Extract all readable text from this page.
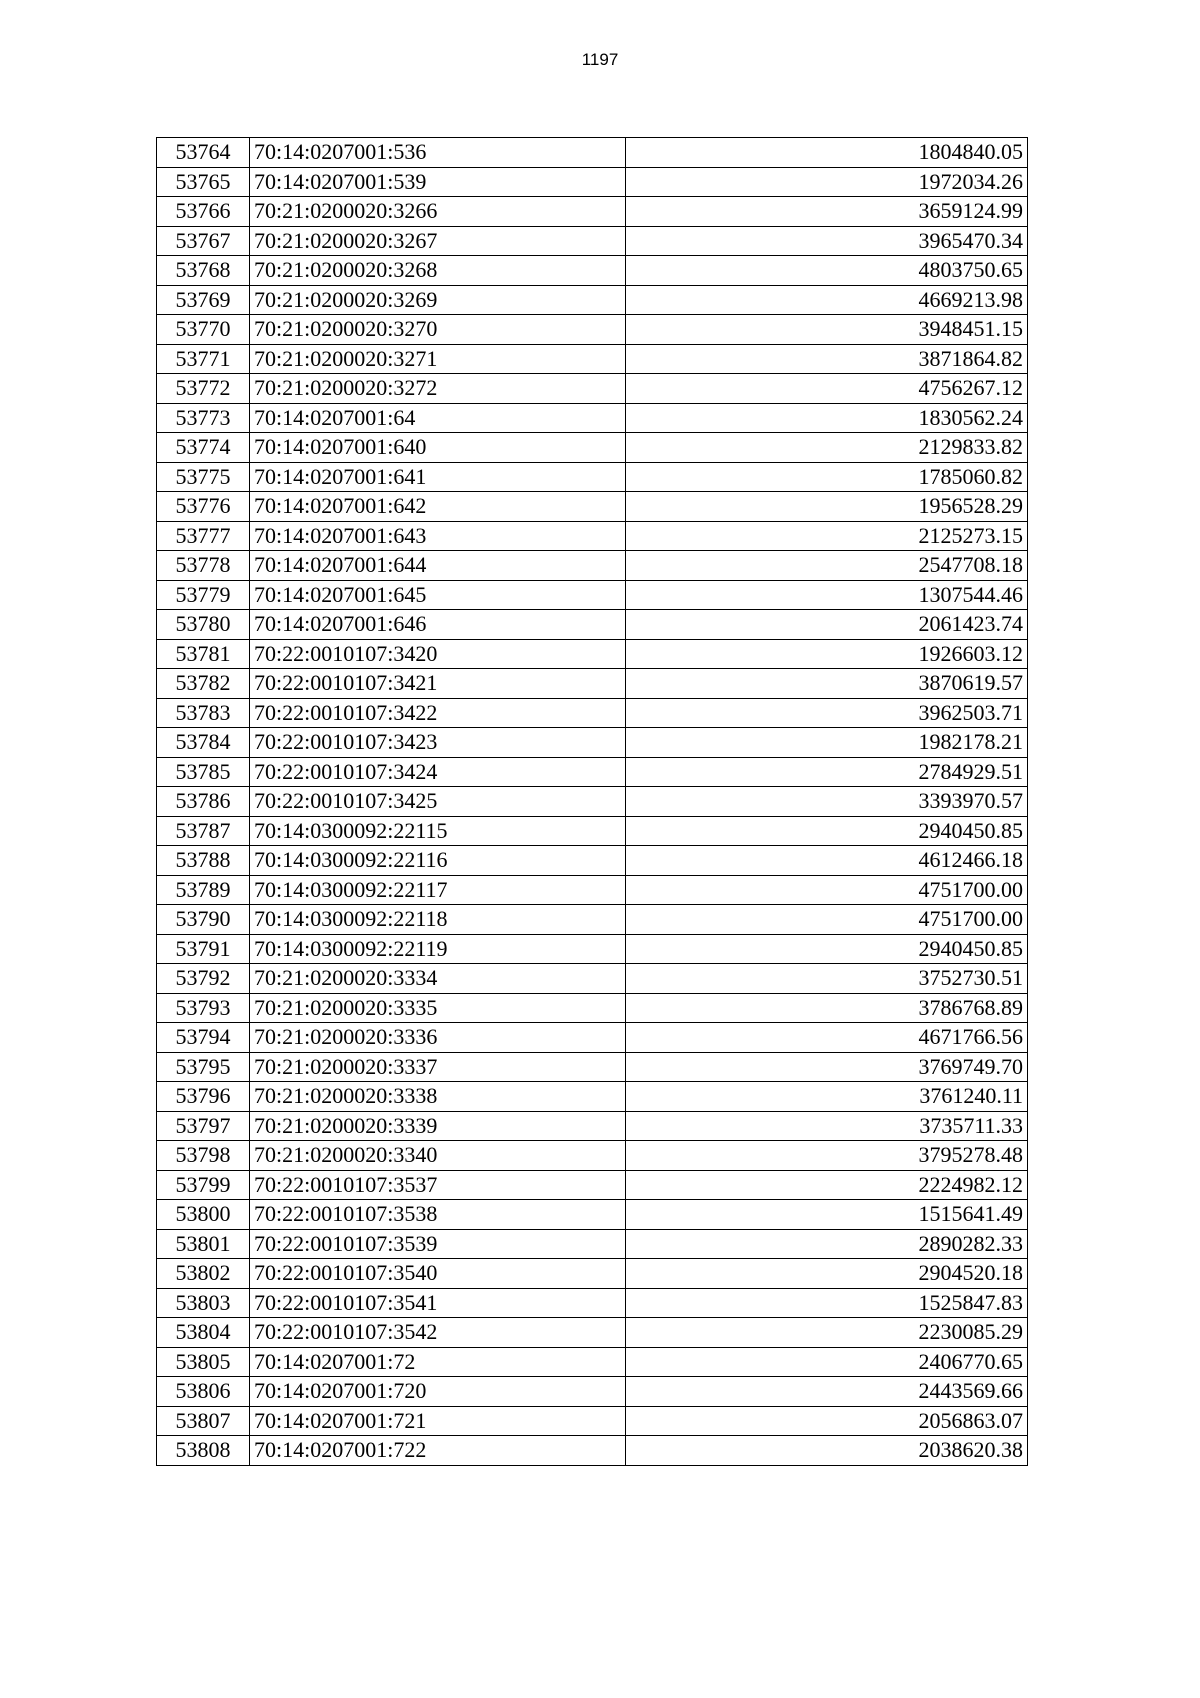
1197
53764	70:14:0207001:536	1804840.05
53765	70:14:0207001:539	1972034.26
53766	70:21:0200020:3266	3659124.99
53767	70:21:0200020:3267	3965470.34
53768	70:21:0200020:3268	4803750.65
53769	70:21:0200020:3269	4669213.98
53770	70:21:0200020:3270	3948451.15
53771	70:21:0200020:3271	3871864.82
53772	70:21:0200020:3272	4756267.12
53773	70:14:0207001:64	1830562.24
53774	70:14:0207001:640	2129833.82
53775	70:14:0207001:641	1785060.82
53776	70:14:0207001:642	1956528.29
53777	70:14:0207001:643	2125273.15
53778	70:14:0207001:644	2547708.18
53779	70:14:0207001:645	1307544.46
53780	70:14:0207001:646	2061423.74
53781	70:22:0010107:3420	1926603.12
53782	70:22:0010107:3421	3870619.57
53783	70:22:0010107:3422	3962503.71
53784	70:22:0010107:3423	1982178.21
53785	70:22:0010107:3424	2784929.51
53786	70:22:0010107:3425	3393970.57
53787	70:14:0300092:22115	2940450.85
53788	70:14:0300092:22116	4612466.18
53789	70:14:0300092:22117	4751700.00
53790	70:14:0300092:22118	4751700.00
53791	70:14:0300092:22119	2940450.85
53792	70:21:0200020:3334	3752730.51
53793	70:21:0200020:3335	3786768.89
53794	70:21:0200020:3336	4671766.56
53795	70:21:0200020:3337	3769749.70
53796	70:21:0200020:3338	3761240.11
53797	70:21:0200020:3339	3735711.33
53798	70:21:0200020:3340	3795278.48
53799	70:22:0010107:3537	2224982.12
53800	70:22:0010107:3538	1515641.49
53801	70:22:0010107:3539	2890282.33
53802	70:22:0010107:3540	2904520.18
53803	70:22:0010107:3541	1525847.83
53804	70:22:0010107:3542	2230085.29
53805	70:14:0207001:72	2406770.65
53806	70:14:0207001:720	2443569.66
53807	70:14:0207001:721	2056863.07
53808	70:14:0207001:722	2038620.38
